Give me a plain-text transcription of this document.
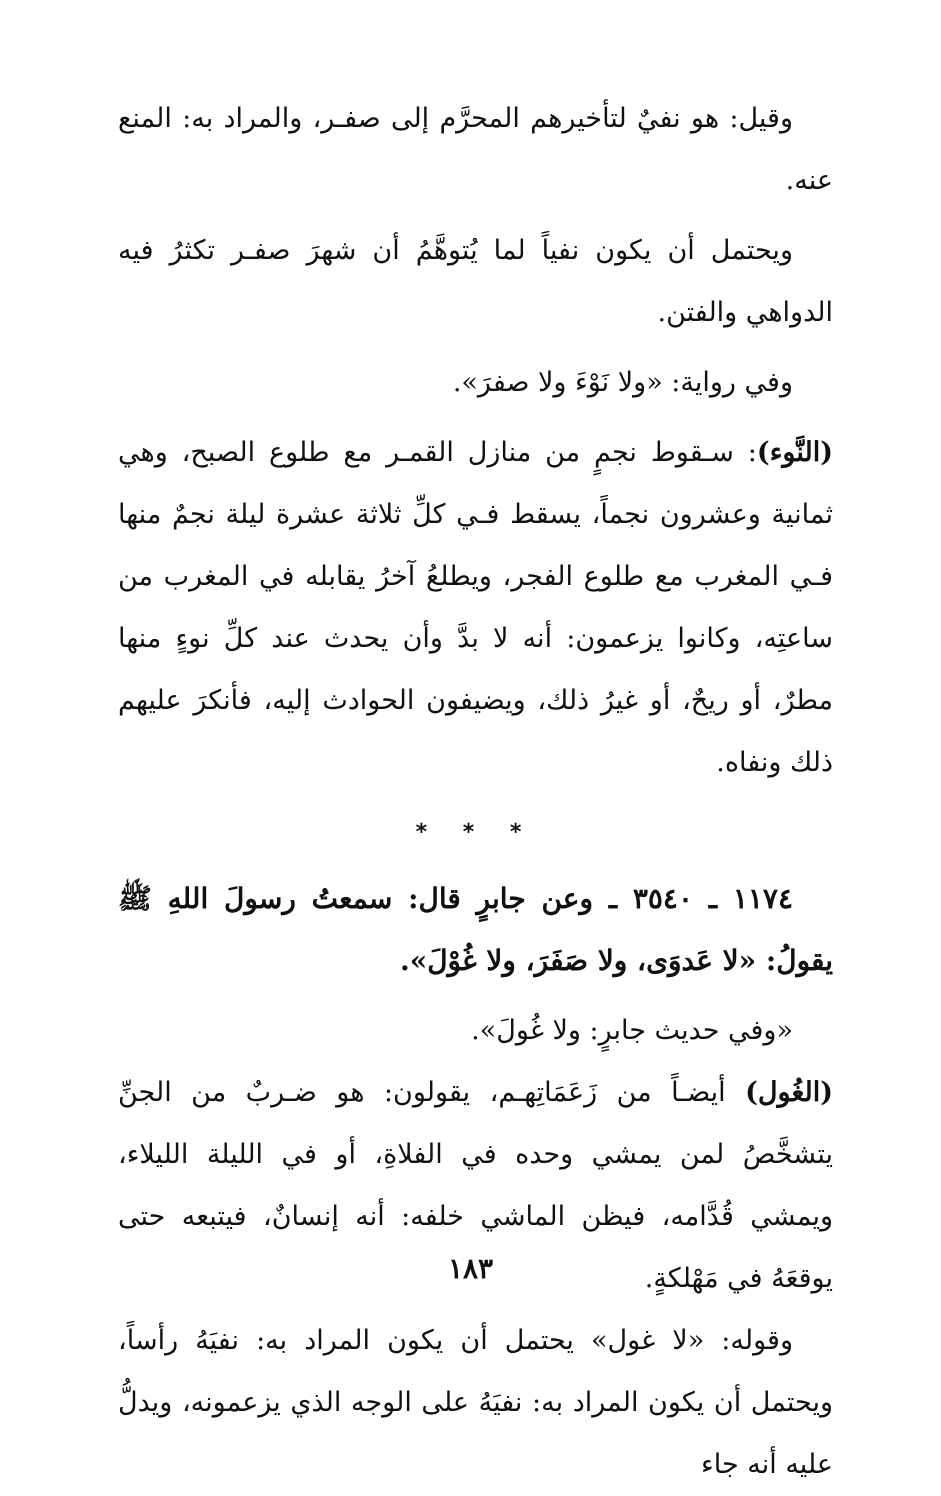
وقيل: هو نفيٌ لتأخيرهم المحرَّم إلى صفـر، والمراد به: المنع عنه.

ويحتمل أن يكون نفياً لما يُتوهَّمُ أن شهرَ صفـر تكثرُ فيه الدواهي والفتن.

وفي رواية: «ولا نَوْءَ ولا صفرَ».

(النَّوء): سـقوط نجمٍ من منازل القمـر مع طلوع الصبح، وهي ثمانية وعشرون نجماً، يسقط فـي كلِّ ثلاثة عشرة ليلة نجمٌ منها فـي المغرب مع طلوع الفجر، ويطلعُ آخرُ يقابله في المغرب من ساعتِه، وكانوا يزعمون: أنه لا بدَّ وأن يحدث عند كلِّ نوءٍ منها مطرٌ، أو ريحٌ، أو غيرُ ذلك، ويضيفون الحوادث إليه، فأنكرَ عليهم ذلك ونفاه.

* * *

١١٧٤ ـ ٣٥٤٠ ـ وعن جابرٍ قال: سمعتُ رسولَ اللهِ ﷺ يقولُ: «لا عَدوَى، ولا صَفَرَ، ولا غُوْلَ».

«وفي حديث جابرٍ: ولا غُولَ».

(الغُول) أيضـاً من زَعَمَاتِهـم، يقولون: هو ضـربٌ من الجنِّ يتشخَّصُ لمن يمشي وحده في الفلاةِ، أو في الليلة الليلاء، ويمشي قُدَّامه، فيظن الماشي خلفه: أنه إنسانٌ، فيتبعه حتى يوقعَهُ في مَهْلكةٍ.

وقوله: «لا غول» يحتمل أن يكون المراد به: نفيَهُ رأساً، ويحتمل أن يكون المراد به: نفيَهُ على الوجه الذي يزعمونه، ويدلُّ عليه أنه جاء

١٨٣
